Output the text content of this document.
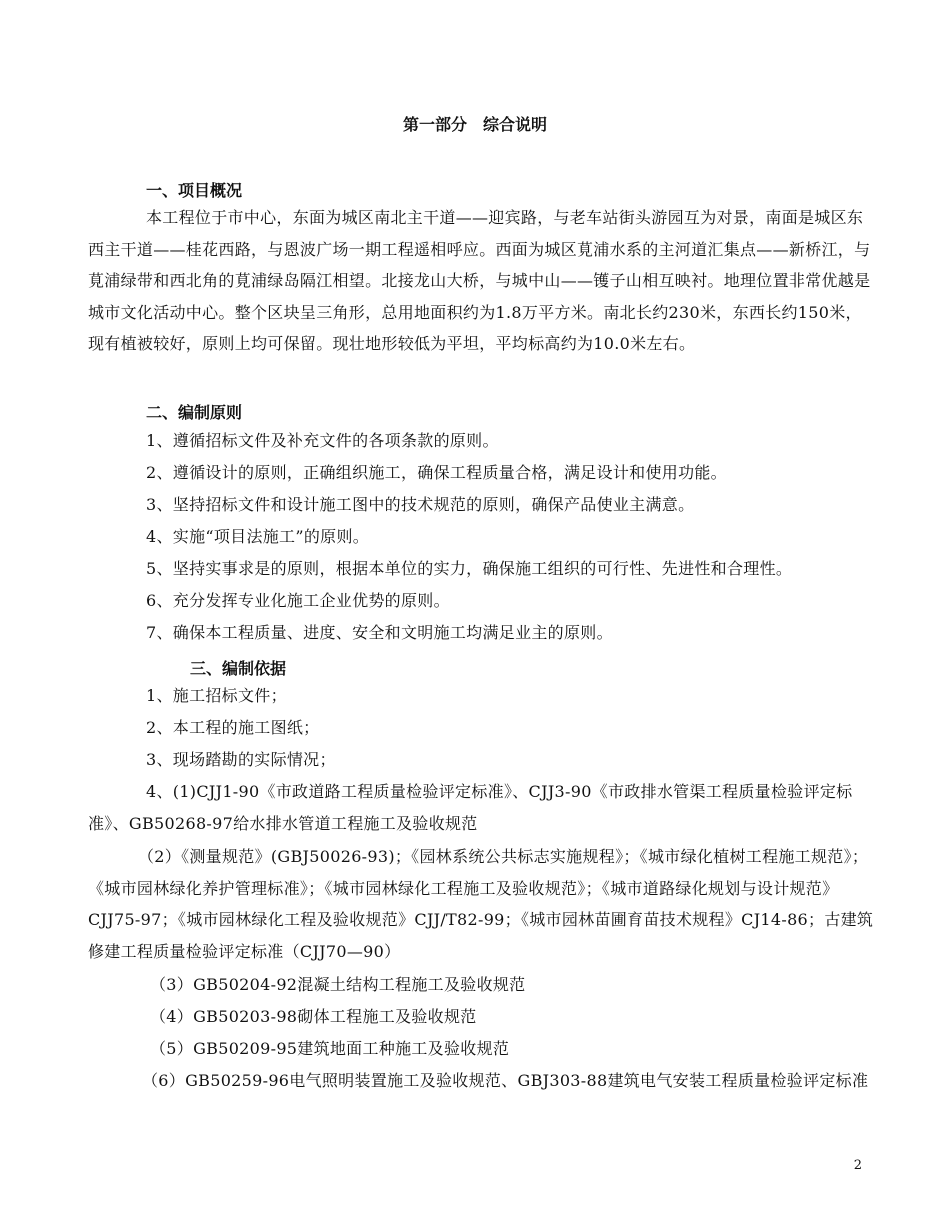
第一部分　综合说明
一、项目概况
本工程位于市中心，东面为城区南北主干道——迎宾路，与老车站街头游园互为对景，南面是城区东西主干道——桂花西路，与恩波广场一期工程遥相呼应。西面为城区莧浦水系的主河道汇集点——新桥江，与莧浦绿带和西北角的莧浦绿岛隔江相望。北接龙山大桥，与城中山——镬子山相互映衬。地理位置非常优越是城市文化活动中心。整个区块呈三角形，总用地面积约为1.8万平方米。南北长约230米，东西长约150米，现有植被较好，原则上均可保留。现壮地形较低为平坦，平均标高约为10.0米左右。
二、编制原则
1、遵循招标文件及补充文件的各项条款的原则。
2、遵循设计的原则，正确组织施工，确保工程质量合格，满足设计和使用功能。
3、坚持招标文件和设计施工图中的技术规范的原则，确保产品使业主满意。
4、实施“项目法施工”的原则。
5、坚持实事求是的原则，根据本单位的实力，确保施工组织的可行性、先进性和合理性。
6、充分发挥专业化施工企业优势的原则。
7、确保本工程质量、进度、安全和文明施工均满足业主的原则。
三、编制依据
1、施工招标文件；
2、本工程的施工图纸；
3、现场踏勘的实际情况；
4、(1)CJJ1-90《市政道路工程质量检验评定标准》、CJJ3-90《市政排水管渠工程质量检验评定标准》、GB50268-97给水排水管道工程施工及验收规范
（2）《测量规范》(GBJ50026-93)；《园林系统公共标志实施规程》；《城市绿化植树工程施工规范》；《城市园林绿化养护管理标准》；《城市园林绿化工程施工及验收规范》；《城市道路绿化规划与设计规范》CJJ75-97；《城市园林绿化工程及验收规范》CJJ/T82-99；《城市园林苗圃育苗技术规程》CJ14-86；古建筑修建工程质量检验评定标准（CJJ70—90）
（3）GB50204-92混凝土结构工程施工及验收规范
（4）GB50203-98砌体工程施工及验收规范
（5）GB50209-95建筑地面工种施工及验收规范
（6）GB50259-96电气照明装置施工及验收规范、GBJ303-88建筑电气安装工程质量检验评定标准
2
